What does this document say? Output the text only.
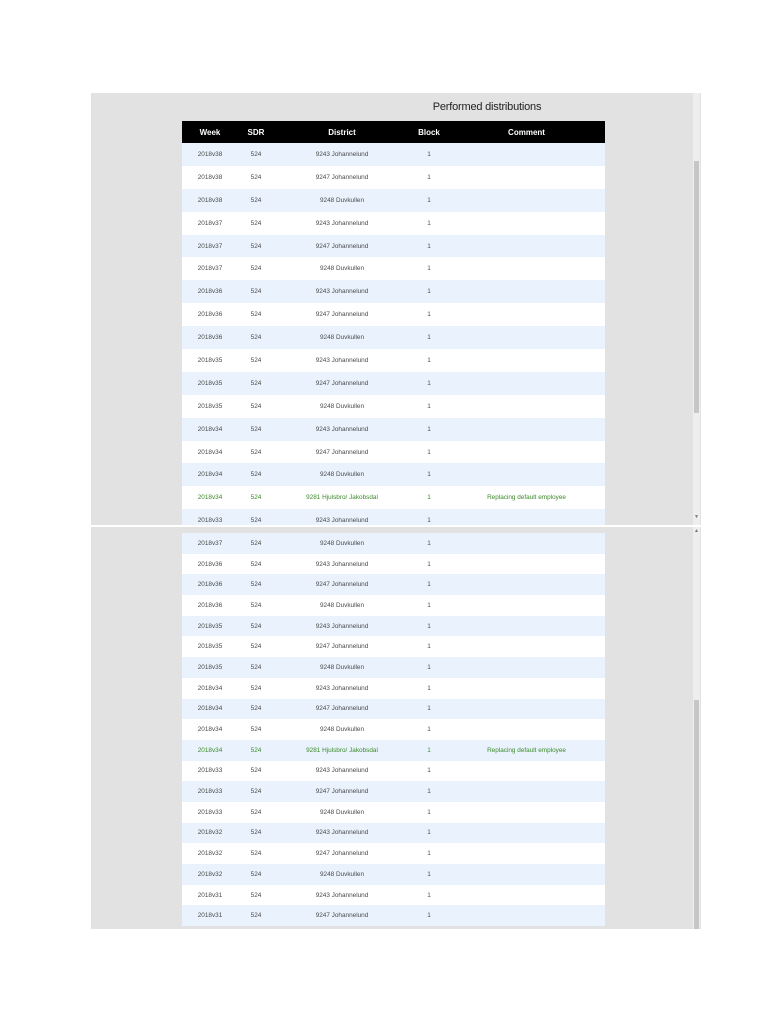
Performed distributions
Week	SDR	District	Block	Comment
2018v38	524	9243 Johannelund	1
2018v38	524	9247 Johannelund	1
2018v38	524	9248 Duvkullen	1
2018v37	524	9243 Johannelund	1
2018v37	524	9247 Johannelund	1
2018v37	524	9248 Duvkullen	1
2018v36	524	9243 Johannelund	1
2018v36	524	9247 Johannelund	1
2018v36	524	9248 Duvkullen	1
2018v35	524	9243 Johannelund	1
2018v35	524	9247 Johannelund	1
2018v35	524	9248 Duvkullen	1
2018v34	524	9243 Johannelund	1
2018v34	524	9247 Johannelund	1
2018v34	524	9248 Duvkullen	1
2018v34	524	9281 Hjulsbro/ Jakobsdal	1	Replacing default employee
2018v33	524	9243 Johannelund	1
▼
2018v37	524	9248 Duvkullen	1
2018v36	524	9243 Johannelund	1
2018v36	524	9247 Johannelund	1
2018v36	524	9248 Duvkullen	1
2018v35	524	9243 Johannelund	1
2018v35	524	9247 Johannelund	1
2018v35	524	9248 Duvkullen	1
2018v34	524	9243 Johannelund	1
2018v34	524	9247 Johannelund	1
2018v34	524	9248 Duvkullen	1
2018v34	524	9281 Hjulsbro/ Jakobsdal	1	Replacing default employee
2018v33	524	9243 Johannelund	1
2018v33	524	9247 Johannelund	1
2018v33	524	9248 Duvkullen	1
2018v32	524	9243 Johannelund	1
2018v32	524	9247 Johannelund	1
2018v32	524	9248 Duvkullen	1
2018v31	524	9243 Johannelund	1
2018v31	524	9247 Johannelund	1
▲
